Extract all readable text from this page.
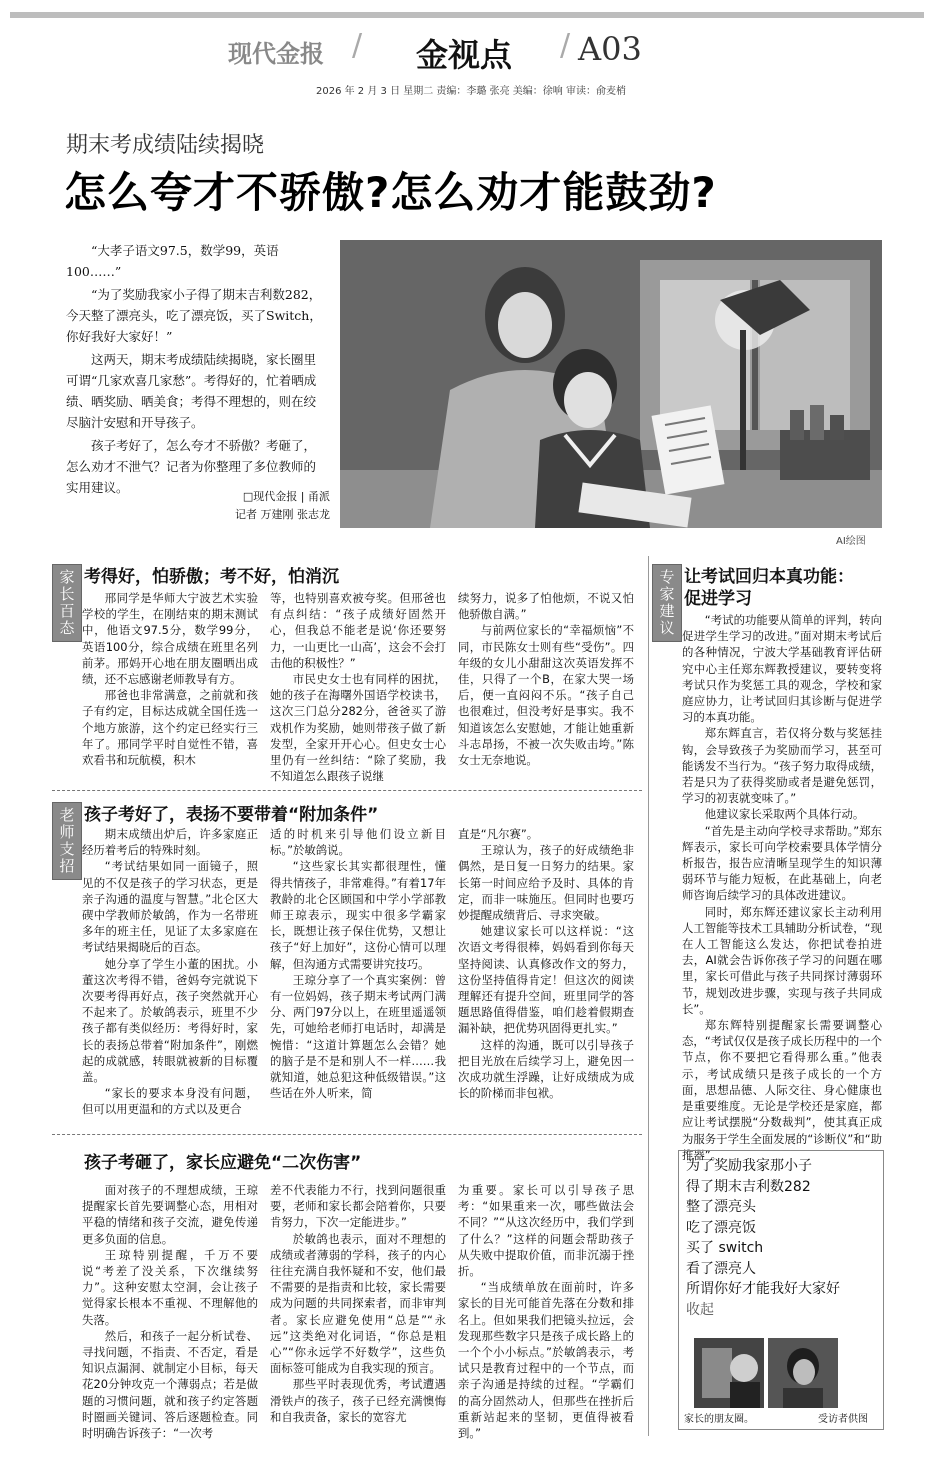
现代金报 / 金视点 / A03
2026 年 2 月 3 日 星期二 责编：李璐 张亮 美编：徐响 审读：俞麦梢
期末考成绩陆续揭晓
怎么夸才不骄傲?怎么劝才能鼓劲?

“大孝子语文97.5，数学99，英语100……”

“为了奖励我家小子得了期末吉利数282，今天整了漂亮头，吃了漂亮饭，买了Switch，你好我好大家好！”

这两天，期末考成绩陆续揭晓，家长圈里可谓“几家欢喜几家愁”。考得好的，忙着晒成绩、晒奖励、晒美食；考得不理想的，则在绞尽脑汁安慰和开导孩子。

孩子考好了，怎么夸才不骄傲？考砸了，怎么劝才不泄气？记者为你整理了多位教师的实用建议。

□现代金报 | 甬派
记者 万建刚 张志龙
AI绘图
家
长
百
态
考得好，怕骄傲；考不好，怕消沉

邢同学是华师大宁波艺术实验学校的学生，在刚结束的期末测试中，他语文97.5分，数学99分，英语100分，综合成绩在班里名列前茅。邢妈开心地在朋友圈晒出成绩，还不忘感谢老师教导有方。

邢爸也非常满意，之前就和孩子有约定，目标达成就全国任选一个地方旅游，这个约定已经实行三年了。邢同学平时自觉性不错，喜欢看书和玩航模，积木

等，也特别喜欢被夸奖。但邢爸也有点纠结：“孩子成绩好固然开心，但我总不能老是说‘你还要努力，一山更比一山高’，这会不会打击他的积极性？”

市民史女士也有同样的困扰，她的孩子在海曙外国语学校读书，这次三门总分282分，爸爸买了游戏机作为奖励，她则带孩子做了新发型，全家开开心心。但史女士心里仍有一丝纠结：“除了奖励，我不知道怎么跟孩子说继

续努力，说多了怕他烦，不说又怕他骄傲自满。”

与前两位家长的“幸福烦恼”不同，市民陈女士则有些“受伤”。四年级的女儿小甜甜这次英语发挥不佳，只得了一个B，在家大哭一场后，便一直闷闷不乐。“孩子自己也很难过，但没考好是事实。我不知道该怎么安慰她，才能让她重新斗志昂扬，不被一次失败击垮。”陈女士无奈地说。

老
师
支
招
孩子考好了，表扬不要带着“附加条件”

期末成绩出炉后，许多家庭正经历着考后的特殊时刻。

“考试结果如同一面镜子，照见的不仅是孩子的学习状态，更是亲子沟通的温度与智慧。”北仑区大碶中学教师於敏鸽，作为一名带班多年的班主任，见证了太多家庭在考试结果揭晓后的百态。

她分享了学生小董的困扰。小董这次考得不错，爸妈夸完就说下次要考得再好点，孩子突然就开心不起来了。於敏鸽表示，班里不少孩子都有类似经历：考得好时，家长的表扬总带着“附加条件”，刚燃起的成就感，转眼就被新的目标覆盖。

“家长的要求本身没有问题，但可以用更温和的方式以及更合

适的时机来引导他们设立新目标。”於敏鸽说。

“这些家长其实都很理性，懂得共情孩子，非常难得。”有着17年教龄的北仑区顾国和中学小学部教师王琼表示，现实中很多学霸家长，既想让孩子保住优势，又想让孩子“好上加好”，这份心情可以理解，但沟通方式需要讲究技巧。

王琼分享了一个真实案例：曾有一位妈妈，孩子期末考试两门满分、两门97分以上，在班里遥遥领先，可她给老师打电话时，却满是惋惜：“这道计算题怎么会错？她的脑子是不是和别人不一样……我就知道，她总犯这种低级错误。”这些话在外人听来，简

直是“凡尔赛”。

王琼认为，孩子的好成绩绝非偶然，是日复一日努力的结果。家长第一时间应给予及时、具体的肯定，而非一味施压。但同时也要巧妙提醒成绩背后、寻求突破。

她建议家长可以这样说：“这次语文考得很棒，妈妈看到你每天坚持阅读、认真修改作文的努力，这份坚持值得肯定！但这次的阅读理解还有提升空间，班里同学的答题思路值得借鉴，咱们趁着假期查漏补缺，把优势巩固得更扎实。”

这样的沟通，既可以引导孩子把目光放在后续学习上，避免因一次成功就生浮躁，让好成绩成为成长的阶梯而非包袱。

孩子考砸了，家长应避免“二次伤害”

面对孩子的不理想成绩，王琼提醒家长首先要调整心态，用相对平稳的情绪和孩子交流，避免传递更多负面的信息。

王琼特别提醒，千万不要说“考差了没关系，下次继续努力”。这种安慰太空洞，会让孩子觉得家长根本不重视、不理解他的失落。

然后，和孩子一起分析试卷、寻找问题，不指责、不否定，看是知识点漏洞、就制定小目标，每天花20分钟攻克一个薄弱点；若是做题的习惯问题，就和孩子约定答题时圈画关键词、答后逐题检查。同时明确告诉孩子：“一次考

差不代表能力不行，找到问题很重要，老师和家长都会陪着你，只要肯努力，下次一定能进步。”

於敏鸽也表示，面对不理想的成绩或者薄弱的学科，孩子的内心往往充满自我怀疑和不安，他们最不需要的是指责和比较，家长需要成为问题的共同探索者，而非审判者。家长应避免使用“总是”“永远”这类绝对化词语，“你总是粗心”“你永远学不好数学”，这些负面标签可能成为自我实现的预言。

那些平时表现优秀，考试遭遇滑铁卢的孩子，孩子已经充满懊悔和自我责备，家长的宽容尤

为重要。家长可以引导孩子思考：“如果重来一次，哪些做法会不同？”“从这次经历中，我们学到了什么？”这样的问题会帮助孩子从失败中提取价值，而非沉溺于挫折。

“当成绩单放在面前时，许多家长的目光可能首先落在分数和排名上。但如果我们把镜头拉远，会发现那些数字只是孩子成长路上的一个个小小标点。”於敏鸽表示，考试只是教育过程中的一个节点，而亲子沟通是持续的过程。“学霸们的高分固然动人，但那些在挫折后重新站起来的坚韧，更值得被看到。”

专
家
建
议
让考试回归本真功能：
促进学习

“考试的功能要从简单的评判，转向促进学生学习的改进。”面对期末考试后的各种情况，宁波大学基础教育评估研究中心主任郑东辉教授建议，要转变将考试只作为奖惩工具的观念，学校和家庭应协力，让考试回归其诊断与促进学习的本真功能。

郑东辉直言，若仅将分数与奖惩挂钩，会导致孩子为奖励而学习，甚至可能诱发不当行为。“孩子努力取得成绩，若是只为了获得奖励或者是避免惩罚，学习的初衷就变味了。”

他建议家长采取两个具体行动。

“首先是主动向学校寻求帮助。”郑东辉表示，家长可向学校索要具体学情分析报告，报告应清晰呈现学生的知识薄弱环节与能力短板，在此基础上，向老师咨询后续学习的具体改进建议。

同时，郑东辉还建议家长主动利用人工智能等技术工具辅助分析试卷，“现在人工智能这么发达，你把试卷拍进去，AI就会告诉你孩子学习的问题在哪里，家长可借此与孩子共同探讨薄弱环节，规划改进步骤，实现与孩子共同成长”。

郑东辉特别提醒家长需要调整心态，“考试仅仅是孩子成长历程中的一个节点，你不要把它看得那么重。”他表示，考试成绩只是孩子成长的一个方面，思想品德、人际交往、身心健康也是重要维度。无论是学校还是家庭，都应让考试摆脱“分数裁判”，使其真正成为服务于学生全面发展的“诊断仪”和“助推器”。

为了奖励我家那小子
得了期末吉利数282
整了漂亮头
吃了漂亮饭
买了 switch
看了漂亮人
所谓你好才能我好大家好
收起
家长的朋友圈。	受访者供图
